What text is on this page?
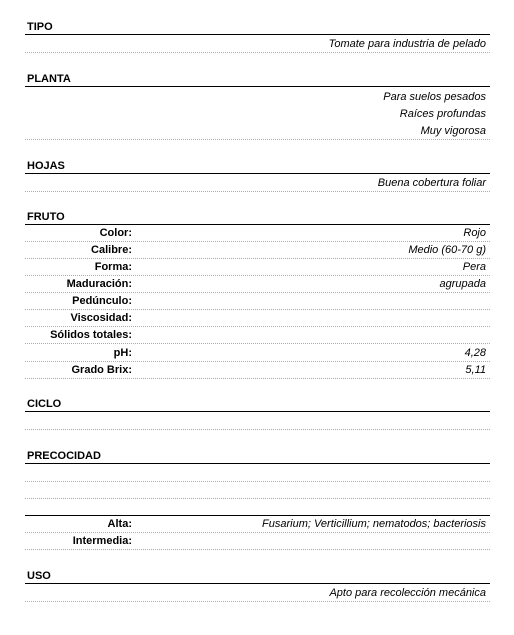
TIPO
Tomate para industria de pelado
PLANTA
Para suelos pesados
Raíces profundas
Muy vigorosa
HOJAS
Buena cobertura foliar
FRUTO
Color:	Rojo
Calibre:	Medio (60-70 g)
Forma:	Pera
Maduración:	agrupada
Pedúnculo:
Viscosidad:
Sólidos totales:
pH:	4,28
Grado Brix:	5,11
CICLO
PRECOCIDAD
Alta:	Fusarium; Verticillium; nematodos; bacteriosis
Intermedia:
USO
Apto para recolección mecánica
